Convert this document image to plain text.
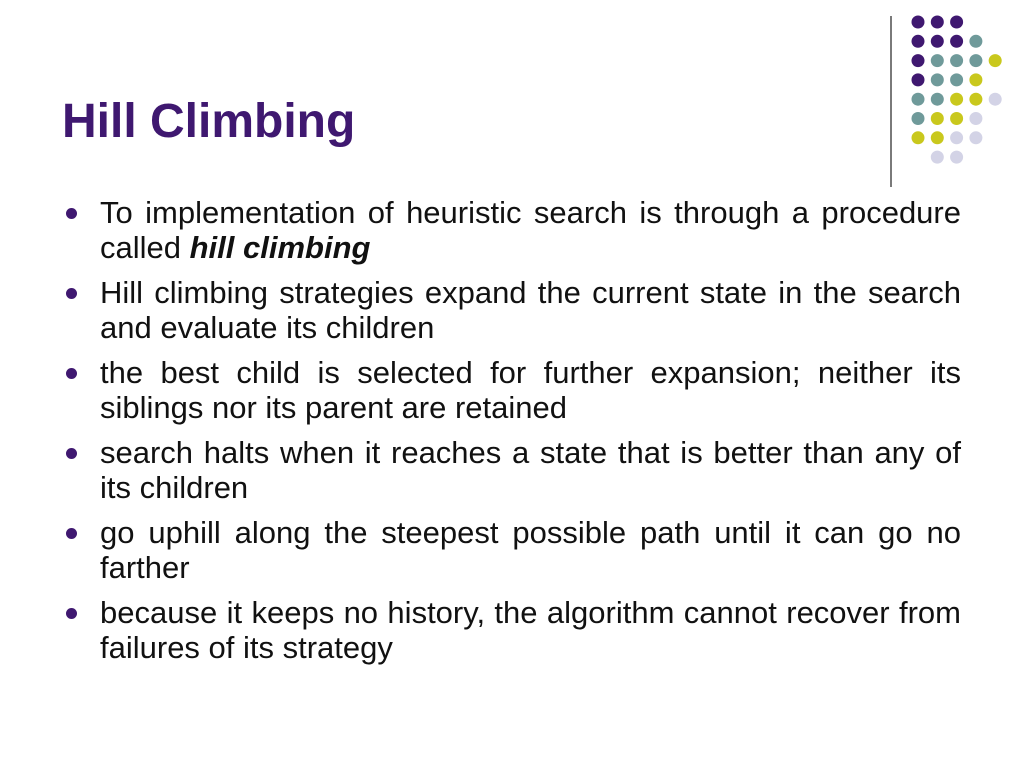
Hill Climbing
To implementation of heuristic search is through a procedure called hill climbing
Hill climbing strategies expand the current state in the search and evaluate its children
the best child is selected for further expansion; neither its siblings nor its parent are retained
search halts when it reaches a state that is better than any of its children
go uphill along the steepest possible path until it can go no farther
because it keeps no history, the algorithm cannot recover from failures of its strategy
